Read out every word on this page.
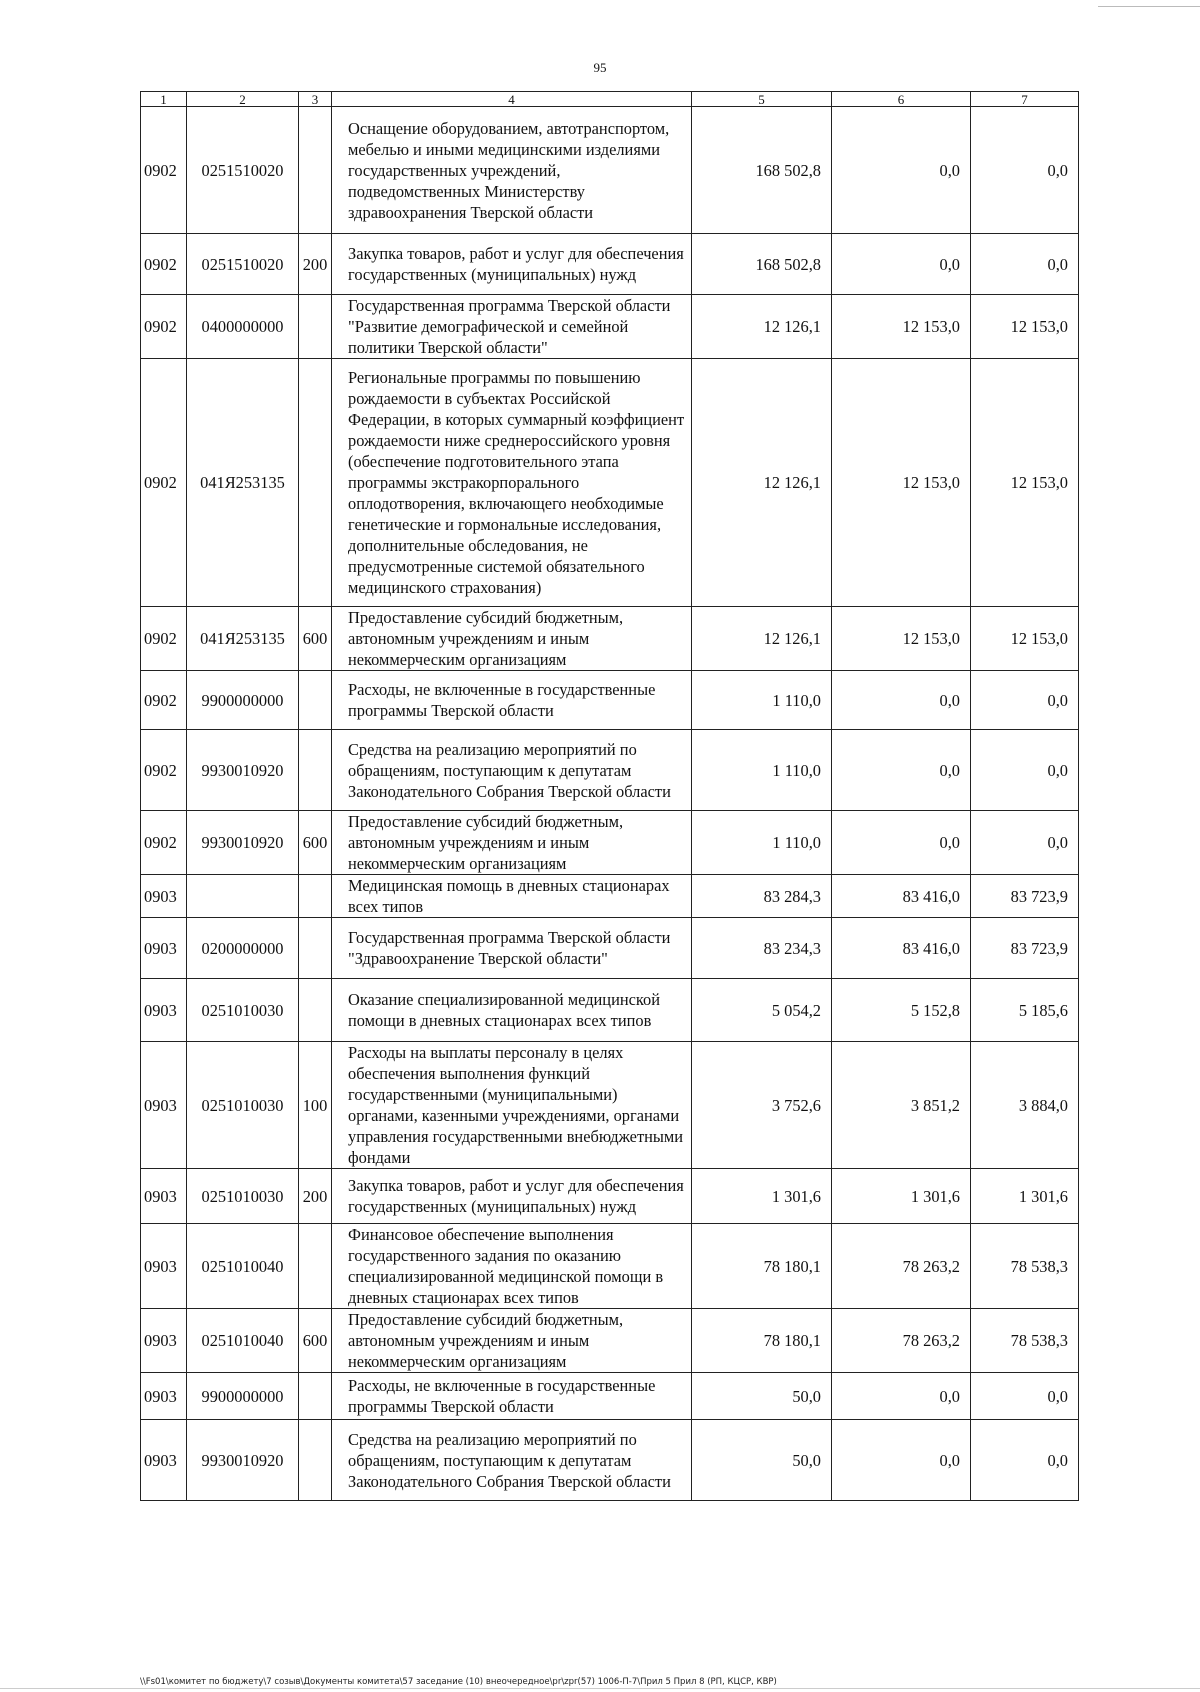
95
1	2	3	4	5	6	7
0902	0251510020		Оснащение оборудованием, автотранспортом, мебелью и иными медицинскими изделиями государственных учреждений, подведомственных Министерству здравоохранения Тверской области	168 502,8	0,0	0,0
0902	0251510020	200	Закупка товаров, работ и услуг для обеспечения государственных (муниципальных) нужд	168 502,8	0,0	0,0
0902	0400000000		Государственная программа Тверской области "Развитие демографической и семейной политики Тверской области"	12 126,1	12 153,0	12 153,0
0902	041Я253135		Региональные программы по повышению рождаемости в субъектах Российской Федерации, в которых суммарный коэффициент рождаемости ниже среднероссийского уровня (обеспечение подготовительного этапа программы экстракорпорального оплодотворения, включающего необходимые генетические и гормональные исследования, дополнительные обследования, не предусмотренные системой обязательного медицинского страхования)	12 126,1	12 153,0	12 153,0
0902	041Я253135	600	Предоставление субсидий бюджетным, автономным учреждениям и иным некоммерческим организациям	12 126,1	12 153,0	12 153,0
0902	9900000000		Расходы, не включенные в государственные программы Тверской области	1 110,0	0,0	0,0
0902	9930010920		Средства на реализацию мероприятий по обращениям, поступающим к депутатам Законодательного Собрания Тверской области	1 110,0	0,0	0,0
0902	9930010920	600	Предоставление субсидий бюджетным, автономным учреждениям и иным некоммерческим организациям	1 110,0	0,0	0,0
0903			Медицинская помощь в дневных стационарах всех типов	83 284,3	83 416,0	83 723,9
0903	0200000000		Государственная программа Тверской области "Здравоохранение Тверской области"	83 234,3	83 416,0	83 723,9
0903	0251010030		Оказание специализированной медицинской помощи в дневных стационарах всех типов	5 054,2	5 152,8	5 185,6
0903	0251010030	100	Расходы на выплаты персоналу в целях обеспечения выполнения функций государственными (муниципальными) органами, казенными учреждениями, органами управления государственными внебюджетными фондами	3 752,6	3 851,2	3 884,0
0903	0251010030	200	Закупка товаров, работ и услуг для обеспечения государственных (муниципальных) нужд	1 301,6	1 301,6	1 301,6
0903	0251010040		Финансовое обеспечение выполнения государственного задания по оказанию специализированной медицинской помощи в дневных стационарах всех типов	78 180,1	78 263,2	78 538,3
0903	0251010040	600	Предоставление субсидий бюджетным, автономным учреждениям и иным некоммерческим организациям	78 180,1	78 263,2	78 538,3
0903	9900000000		Расходы, не включенные в государственные программы Тверской области	50,0	0,0	0,0
0903	9930010920		Средства на реализацию мероприятий по обращениям, поступающим к депутатам Законодательного Собрания Тверской области	50,0	0,0	0,0
\\Fs01\комитет по бюджету\7 созыв\Документы комитета\57 заседание (10) внеочередное\pr\zpr(57) 1006-П-7\Прил 5 Прил 8 (РП, КЦСР, КВР)
